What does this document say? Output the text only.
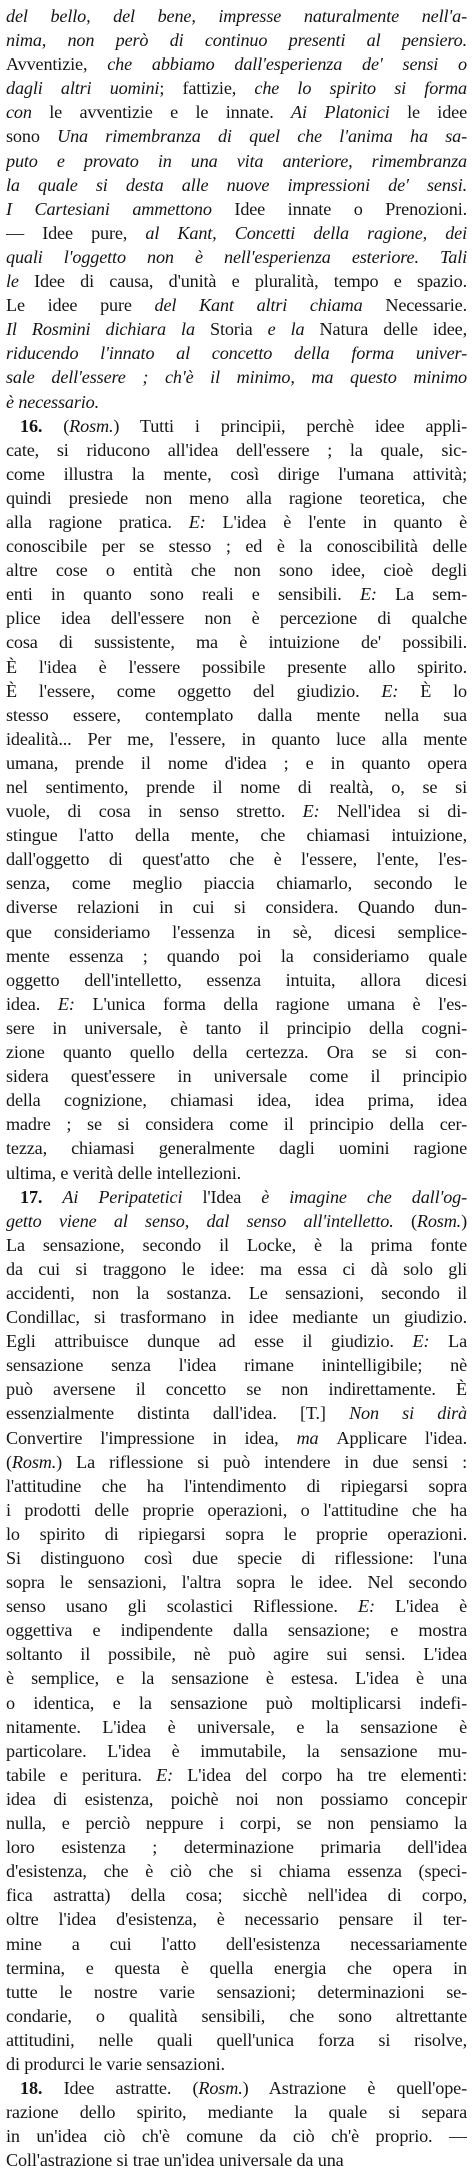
del bello, del bene, impresse naturalmente nell'a-
nima, non però di continuo presenti al pensiero.
Avventizie, che abbiamo dall'esperienza de' sensi o
dagli altri uomini; fattizie, che lo spirito si forma
con le avventizie e le innate. Ai Platonici le idee
sono Una rimembranza di quel che l'anima ha sa-
puto e provato in una vita anteriore, rimembranza
la quale si desta alle nuove impressioni de' sensi.
I Cartesiani ammettono Idee innate o Prenozioni.
— Idee pure, al Kant, Concetti della ragione, dei
quali l'oggetto non è nell'esperienza esteriore. Tali
le Idee di causa, d'unità e pluralità, tempo e spazio.
Le idee pure del Kant altri chiama Necessarie.
Il Rosmini dichiara la Storia e la Natura delle idee,
riducendo l'innato al concetto della forma univer-
sale dell'essere ; ch'è il minimo, ma questo minimo
è necessario.
16. (Rosm.) Tutti i principii, perchè idee appli-
cate, si riducono all'idea dell'essere ; la quale, sic-
come illustra la mente, così dirige l'umana attività;
quindi presiede non meno alla ragione teoretica, che
alla ragione pratica. E: L'idea è l'ente in quanto è
conoscibile per se stesso ; ed è la conoscibilità delle
altre cose o entità che non sono idee, cioè degli
enti in quanto sono reali e sensibili. E: La sem-
plice idea dell'essere non è percezione di qualche
cosa di sussistente, ma è intuizione de' possibili.
È l'idea è l'essere possibile presente allo spirito.
È l'essere, come oggetto del giudizio. E: È lo
stesso essere, contemplato dalla mente nella sua
idealità... Per me, l'essere, in quanto luce alla mente
umana, prende il nome d'idea ; e in quanto opera
nel sentimento, prende il nome di realtà, o, se si
vuole, di cosa in senso stretto. E: Nell'idea si di-
stingue l'atto della mente, che chiamasi intuizione,
dall'oggetto di quest'atto che è l'essere, l'ente, l'es-
senza, come meglio piaccia chiamarlo, secondo le
diverse relazioni in cui si considera. Quando dun-
que consideriamo l'essenza in sè, dicesi semplice-
mente essenza ; quando poi la consideriamo quale
oggetto dell'intelletto, essenza intuita, allora dicesi
idea. E: L'unica forma della ragione umana è l'es-
sere in universale, è tanto il principio della cogni-
zione quanto quello della certezza. Ora se si con-
sidera quest'essere in universale come il principio
della cognizione, chiamasi idea, idea prima, idea
madre ; se si considera come il principio della cer-
tezza, chiamasi generalmente dagli uomini ragione
ultima, e verità delle intellezioni.
17. Ai Peripatetici l'Idea è imagine che dall'og-
getto viene al senso, dal senso all'intelletto. (Rosm.)
La sensazione, secondo il Locke, è la prima fonte
da cui si traggono le idee: ma essa ci dà solo gli
accidenti, non la sostanza. Le sensazioni, secondo il
Condillac, si trasformano in idee mediante un giudizio.
Egli attribuisce dunque ad esse il giudizio. E: La
sensazione senza l'idea rimane inintelligibile; nè
può aversene il concetto se non indirettamente. È
essenzialmente distinta dall'idea. [T.] Non si dirà
Convertire l'impressione in idea, ma Applicare l'idea.
(Rosm.) La riflessione si può intendere in due sensi :
l'attitudine che ha l'intendimento di ripiegarsi sopra
i prodotti delle proprie operazioni, o l'attitudine che ha
lo spirito di ripiegarsi sopra le proprie operazioni.
Si distinguono così due specie di riflessione: l'una
sopra le sensazioni, l'altra sopra le idee. Nel secondo
senso usano gli scolastici Riflessione. E: L'idea è
oggettiva e indipendente dalla sensazione; e mostra
soltanto il possibile, nè può agire sui sensi. L'idea
è semplice, e la sensazione è estesa. L'idea è una
o identica, e la sensazione può moltiplicarsi indefi-
nitamente. L'idea è universale, e la sensazione è
particolare. L'idea è immutabile, la sensazione mu-
tabile e peritura. E: L'idea del corpo ha tre elementi:
idea di esistenza, poichè noi non possiamo concepir
nulla, e perciò neppure i corpi, se non pensiamo la
loro esistenza ; determinazione primaria dell'idea
d'esistenza, che è ciò che si chiama essenza (speci-
fica astratta) della cosa; sicchè nell'idea di corpo,
oltre l'idea d'esistenza, è necessario pensare il ter-
mine a cui l'atto dell'esistenza necessariamente
termina, e questa è quella energia che opera in
tutte le nostre varie sensazioni; determinazioni se-
condarie, o qualità sensibili, che sono altrettante
attitudini, nelle quali quell'unica forza si risolve,
di produrci le varie sensazioni.
18. Idee astratte. (Rosm.) Astrazione è quell'ope-
razione dello spirito, mediante la quale si separa
in un'idea ciò ch'è comune da ciò ch'è proprio. —
Coll'astrazione si trae un'idea universale da una
